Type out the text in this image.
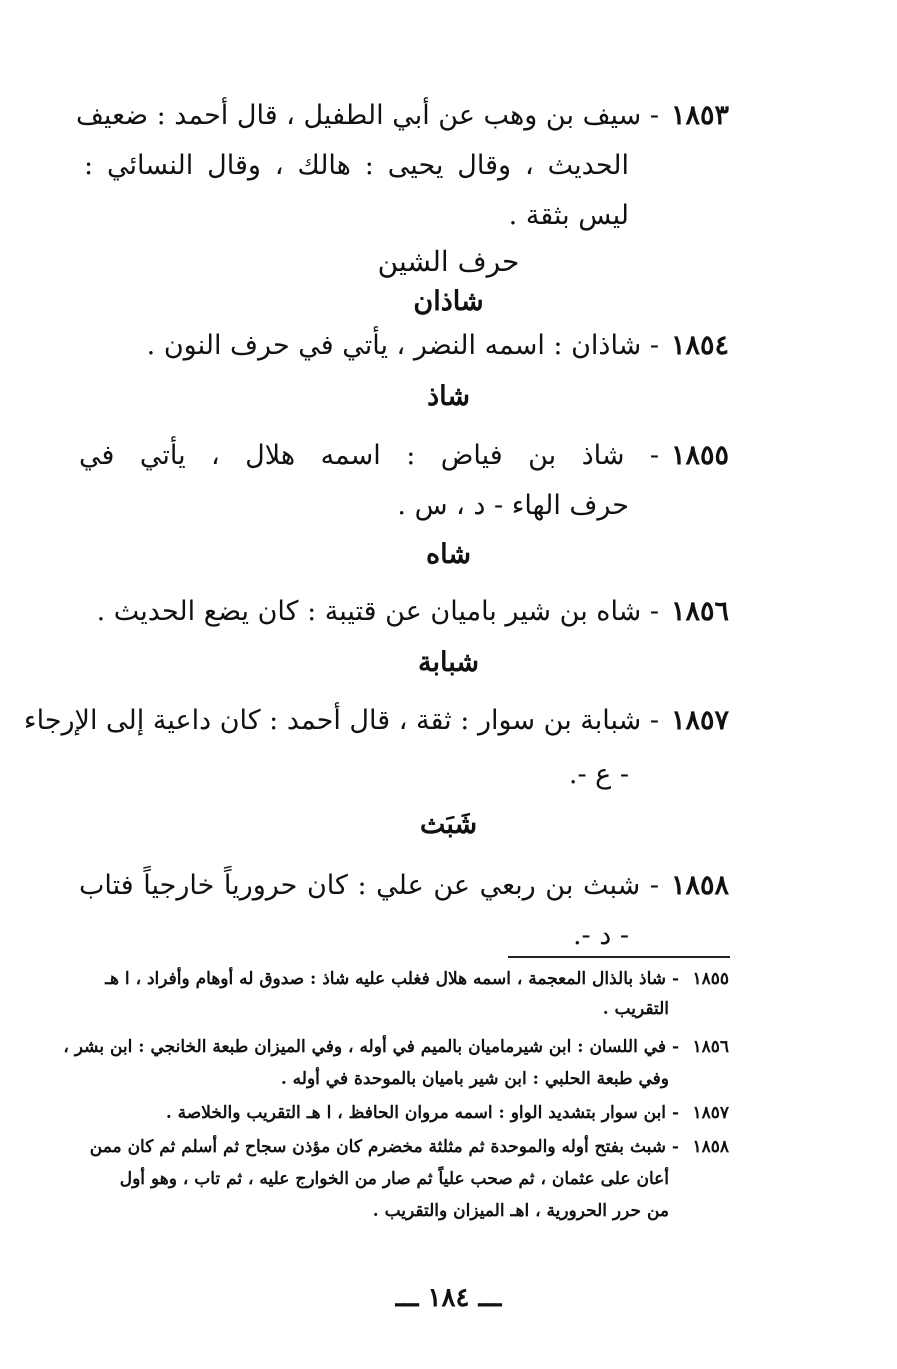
١٨٥٣
- سيف بن وهب عن أبي الطفيل ، قال أحمد : ضعيف
الحديث ، وقال يحيى : هالك ، وقال النسائي :
ليس بثقة .
حرف الشين
شاذان
١٨٥٤
- شاذان : اسمه النضر ، يأتي في حرف النون .
شاذ
١٨٥٥
- شاذ بن فياض : اسمه هلال ، يأتي في
حرف الهاء - د ، س .
شاه
١٨٥٦
- شاه بن شير باميان عن قتيبة : كان يضع الحديث .
شبابة
١٨٥٧
- شبابة بن سوار : ثقة ، قال أحمد : كان داعية إلى الإرجاء
- ع -.
شَبَث
١٨٥٨
- شبث بن ربعي عن علي : كان حرورياً خارجياً فتاب
- د -.
١٨٥٥
- شاذ بالذال المعجمة ، اسمه هلال فغلب عليه شاذ : صدوق له أوهام وأفراد ، ا هـ
التقريب .
١٨٥٦
- في اللسان : ابن شيرماميان بالميم في أوله ، وفي الميزان طبعة الخانجي : ابن بشر ،
وفي طبعة الحلبي : ابن شير باميان بالموحدة في أوله .
١٨٥٧
- ابن سوار بتشديد الواو : اسمه مروان الحافظ ، ا هـ التقريب والخلاصة .
١٨٥٨
- شبث بفتح أوله والموحدة ثم مثلثة مخضرم كان مؤذن سجاح ثم أسلم ثم كان ممن
أعان على عثمان ، ثم صحب علياً ثم صار من الخوارج عليه ، ثم تاب ، وهو أول
من حرر الحرورية ، اهـ الميزان والتقريب .
ـــ ١٨٤ ـــ
